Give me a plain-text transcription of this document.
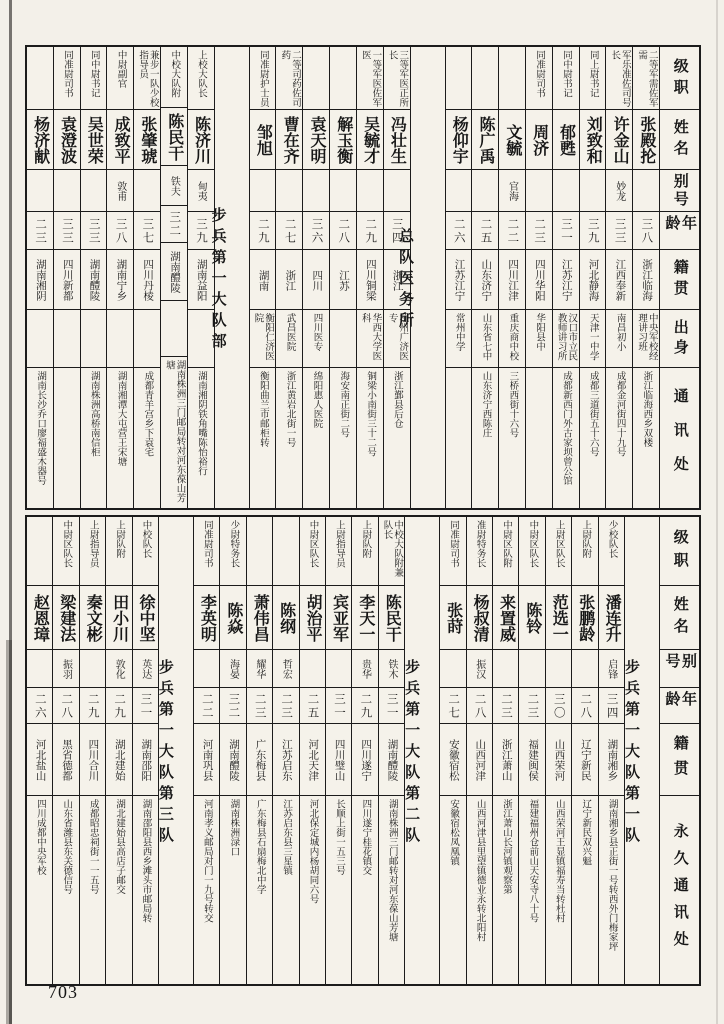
级职
姓名
别号
年龄
籍贯
出身
通讯处
二等军需佐军需
张殿抡
三八
浙江临海
中央军校经理讲习班
浙江临海西乡双楼
军乐准佐司号长
许金山
妙龙
三三
江西奉新
南昌初小
成都金河街四十九号
同上尉书记
刘致和
三九
河北静海
天津一中学
成都三道街五十六号
同中尉书记
郁甦
三一
江苏江宁
汉口市立民教师讲习所
成都新西门外古家坝曾公馆
同准尉司书
周济
二三
四川华阳
华阳县中
文毓
官海
二二
四川江津
重庆商中校
三桥西街十六号
陈广禹
二五
山东济宁
山东省七中
山东济宁西陈庄
杨仰宇
二六
江苏江宁
常州中学
总队医务所
三等军医正所长
冯壮生
三四
浙江
杭州广济医专
浙江鄞县后仓
一等军医佐军医
吴毓才
二九
四川铜梁
华西大学医科
铜梁小南街三十二号
解玉衡
二八
江苏
海安南正街二号
袁天明
三六
四川
四川医专
绵阳惠人医院
二等司药佐司药
曹在齐
二七
浙江
武昌医院
浙江黄岩北街一号
同准尉护士员
邹旭
二九
湖南
衡阳仁济医院
衡阳曲兰市邮柜转
步兵第一大队部
上校大队长
陈济川
甸夷
三九
湖南益阳
湖南湘阴铁角嘴陈怡裕行
中校大队附
陈民干
铁夫
三二
湖南醴陵
湖南株洲三门邮局转对河东葆山芳塘
兼步一队少校指导员
张肇琥
三七
四川丹棱
成都青羊宫乡下袁宅
中尉副官
成致平
敦甫
三八
湖南宁乡
湖南湘潭大屯营王宋塘
同中尉书记
吴世荣
三三
湖南醴陵
湖南株洲高桥南信柜
同准尉司书
袁澄波
三三
四川新都
杨济献
二三
湖南湘阴
湖南长沙乔口廖福盛木器号
级职
姓名
别号
年龄
籍贯
永久通讯处
步兵第一大队第一队
少校队长
潘连升
启锋
三四
湖南湘乡
湖南湘乡县正街一号转西外门梅家坪
上尉队附
张鹏龄
二八
辽宁新民
辽宁新民双兴魁
上尉区队长
范选一
三〇
山西荣河
山西荣河王显镇福寿当转杜村
中尉区队长
陈铃
二三
福建闽侯
福建福州仓前山天安寺八十号
中尉区队附
来置威
二三
浙江萧山
浙江萧山长河镇观察第
准尉特务长
杨叔清
振汉
二八
山西河津
山西河津县里望镇德业永转北阳村
同准尉司书
张莳
二七
安徽宿松
安徽宿松凤凰镇
步兵第一大队第二队
中校大队附兼队长
陈民干
铁木
三一
湖南醴陵
湖南株洲三门邮转对河东葆山芳塘
上尉队附
李天一
贵华
二九
四川遂宁
四川遂宁桂花镇交
上尉指导员
宾亚军
三一
四川璧山
长顺上街一五三号
中尉区队长
胡治平
二五
河北天津
河北保定城内杨胡同六号
陈纲
哲宏
二三
江苏启东
江苏启东县三星镇
萧伟昌
耀华
二三
广东梅县
广东梅县石扇梅北中学
少尉特务长
陈焱
海晏
三二
湖南醴陵
湖南株洲渌口
同准尉司书
李英明
二二
河南巩县
河南孝义邮局对门一九号转交
步兵第一大队第三队
中校队长
徐中坚
英达
三一
湖南邵阳
湖南邵阳县西乡滩头市邮局转
上尉队附
田小川
敦化
二九
湖北建始
湖北建始县高店子邮交
上尉指导员
秦文彬
二九
四川合川
成都昭忠祠街一一五号
中尉区队长
梁建法
振羽
二八
黑省德都
山东省潍县东关德信号
赵恩璋
二六
河北盐山
四川成都中央军校
703
